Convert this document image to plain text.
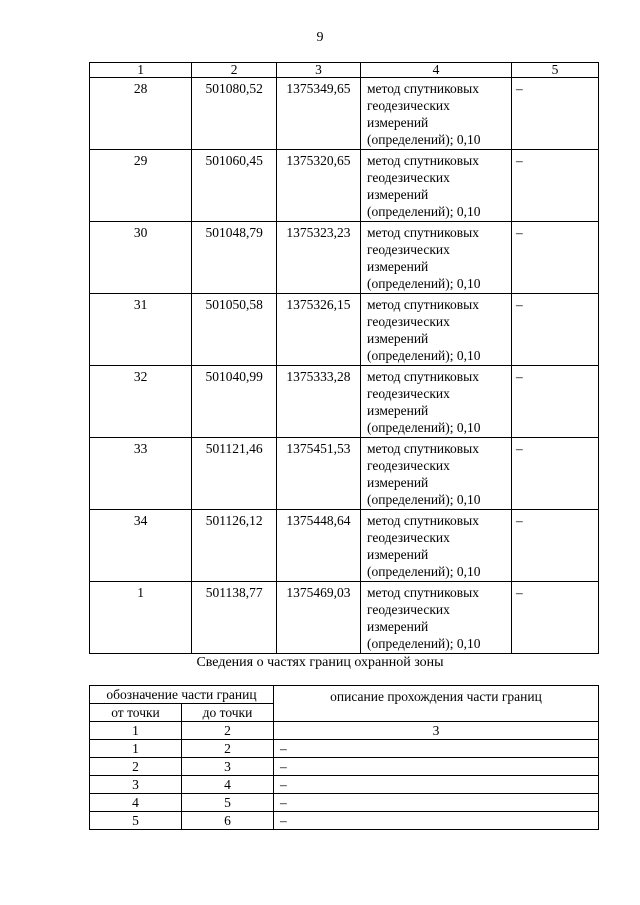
9
1	2	3	4	5
28	501080,52	1375349,65	метод спутниковых
геодезических
измерений
(определений); 0,10	–
29	501060,45	1375320,65	метод спутниковых
геодезических
измерений
(определений); 0,10	–
30	501048,79	1375323,23	метод спутниковых
геодезических
измерений
(определений); 0,10	–
31	501050,58	1375326,15	метод спутниковых
геодезических
измерений
(определений); 0,10	–
32	501040,99	1375333,28	метод спутниковых
геодезических
измерений
(определений); 0,10	–
33	501121,46	1375451,53	метод спутниковых
геодезических
измерений
(определений); 0,10	–
34	501126,12	1375448,64	метод спутниковых
геодезических
измерений
(определений); 0,10	–
1	501138,77	1375469,03	метод спутниковых
геодезических
измерений
(определений); 0,10	–
Сведения о частях границ охранной зоны
обозначение части границ		описание прохождения части границ
от точки	до точки	
1	2	3
1	2	–
2	3	–
3	4	–
4	5	–
5	6	–
